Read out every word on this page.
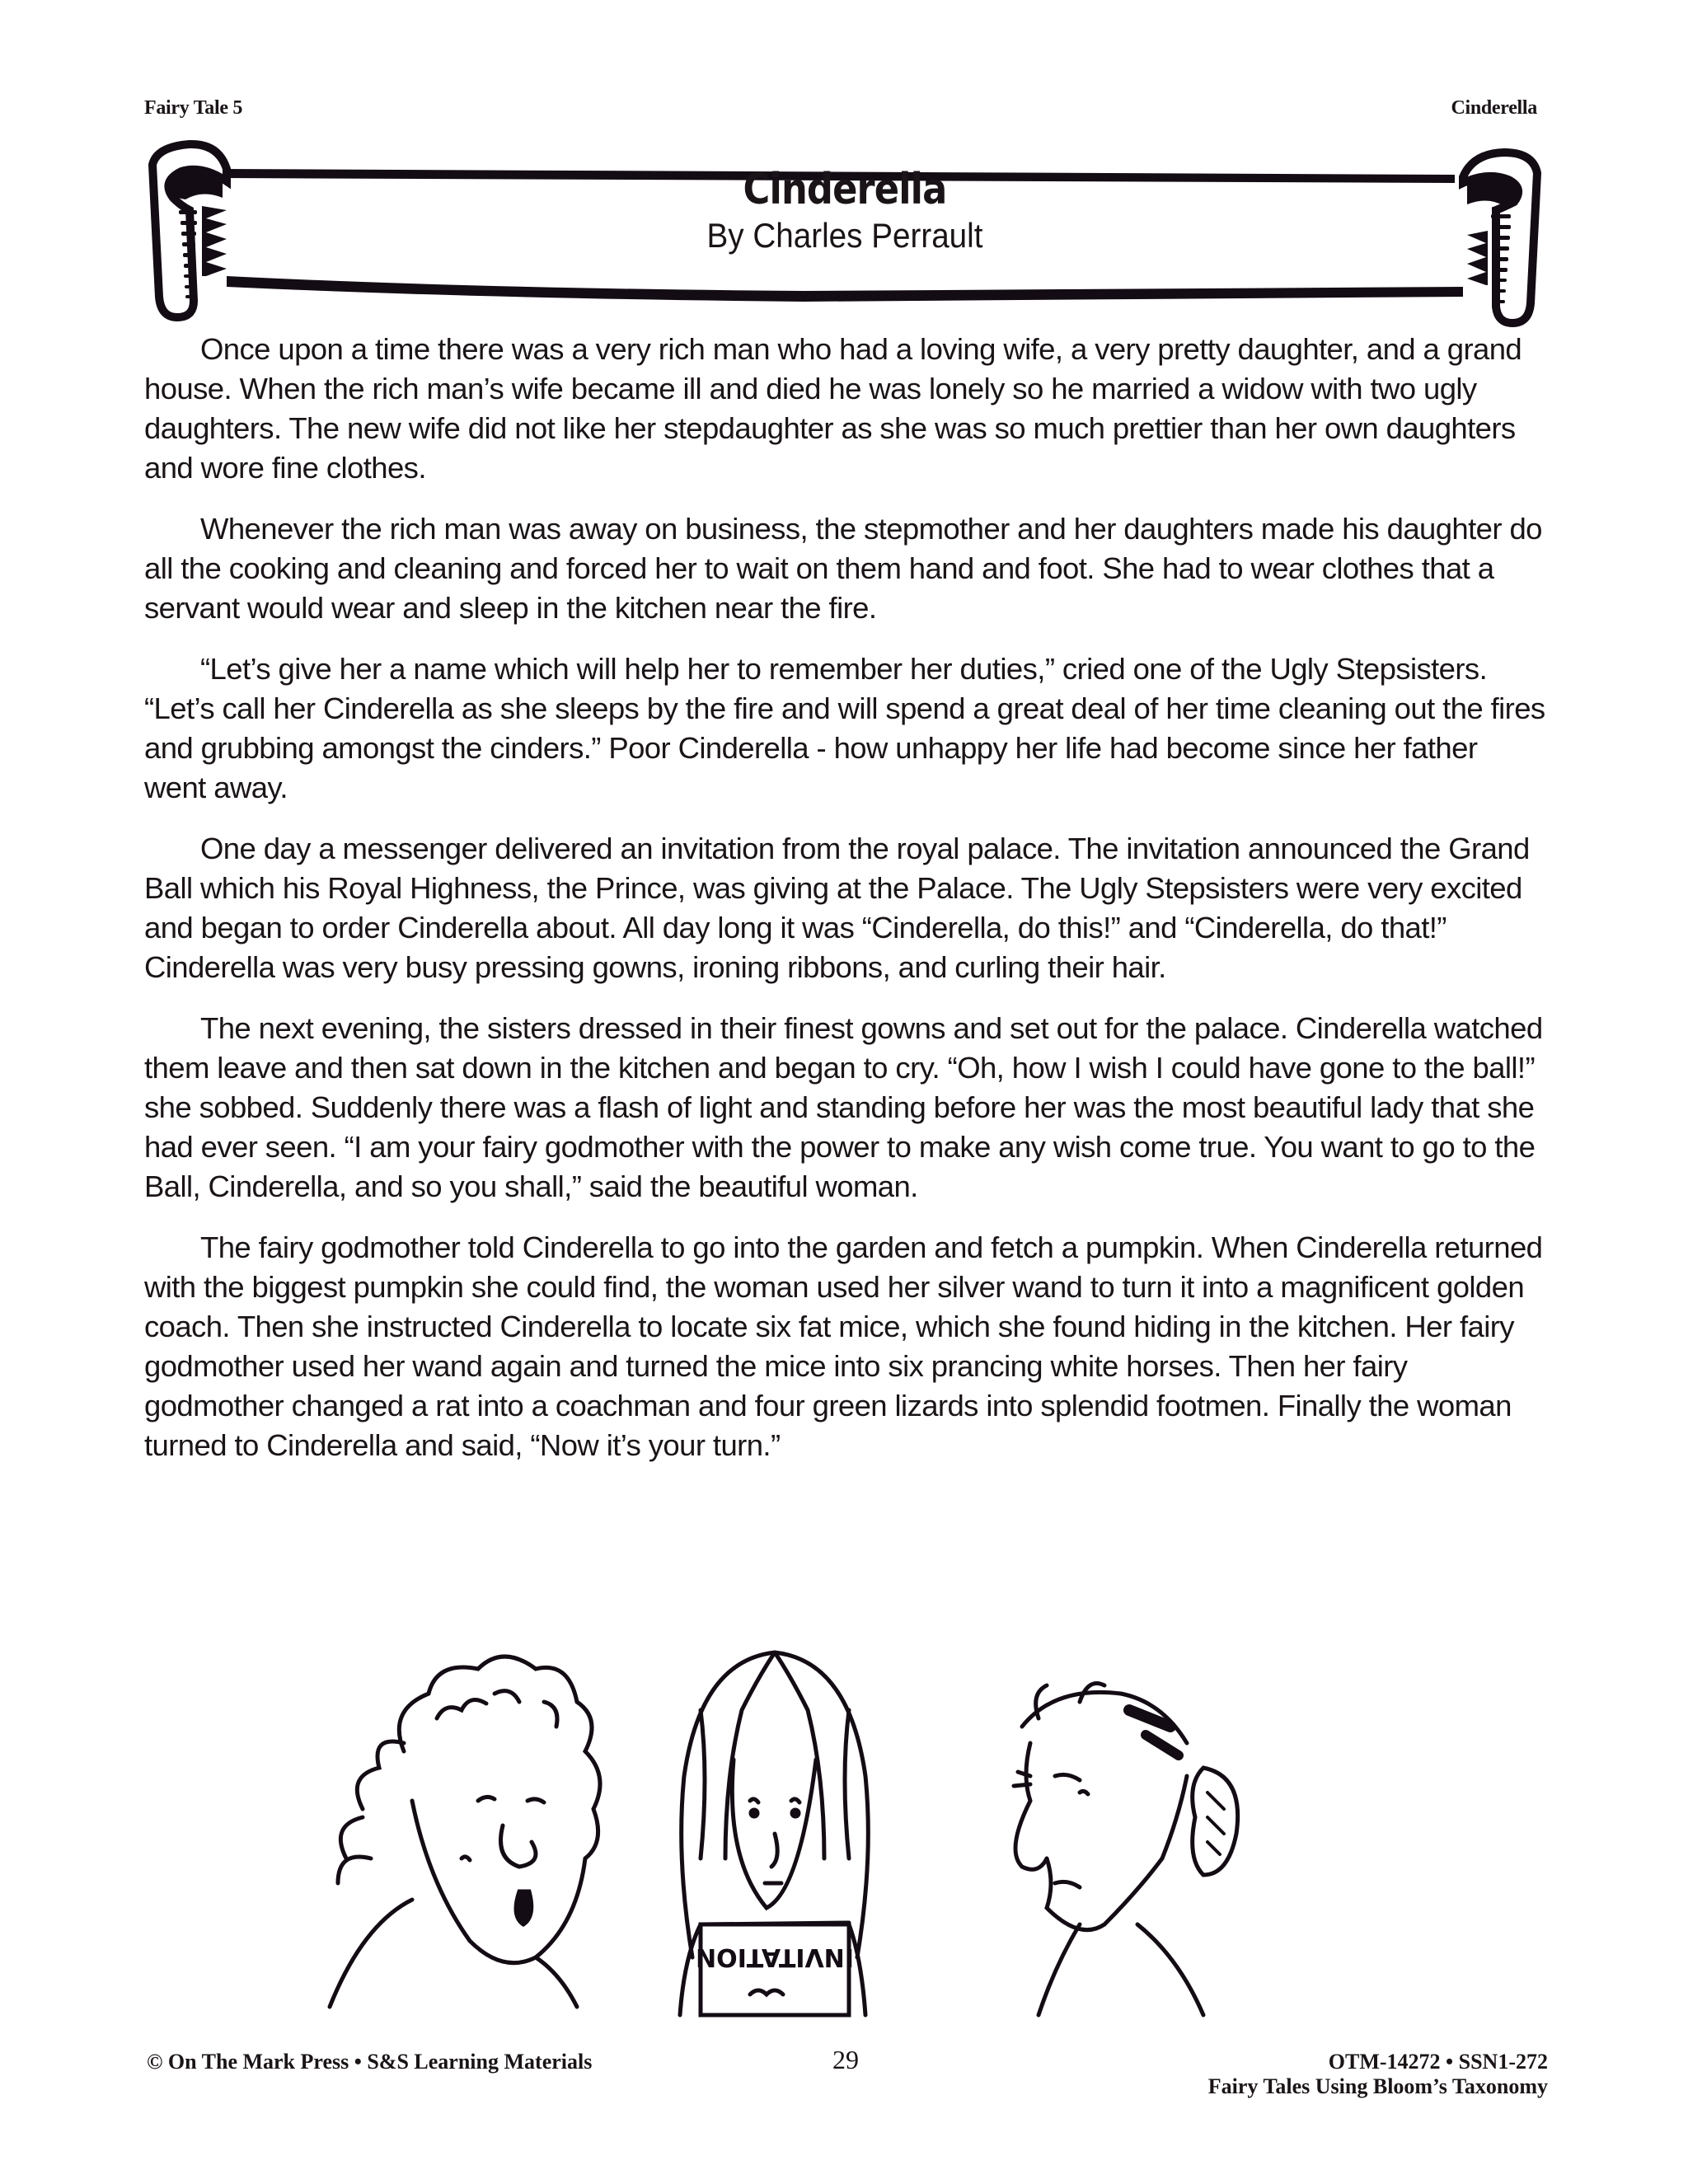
Fairy Tale 5	Cinderella
Cinderella
By Charles Perrault

Once upon a time there was a very rich man who had a loving wife, a very pretty daughter, and a grand house. When the rich man’s wife became ill and died he was lonely so he married a widow with two ugly daughters. The new wife did not like her stepdaughter as she was so much prettier than her own daughters and wore fine clothes.

Whenever the rich man was away on business, the stepmother and her daughters made his daughter do all the cooking and cleaning and forced her to wait on them hand and foot. She had to wear clothes that a servant would wear and sleep in the kitchen near the fire.

“Let’s give her a name which will help her to remember her duties,” cried one of the Ugly Stepsisters. “Let’s call her Cinderella as she sleeps by the fire and will spend a great deal of her time cleaning out the fires and grubbing amongst the cinders.” Poor Cinderella - how unhappy her life had become since her father went away.

One day a messenger delivered an invitation from the royal palace. The invitation announced the Grand Ball which his Royal Highness, the Prince, was giving at the Palace. The Ugly Stepsisters were very excited and began to order Cinderella about. All day long it was “Cinderella, do this!” and “Cinderella, do that!” Cinderella was very busy pressing gowns, ironing ribbons, and curling their hair.

The next evening, the sisters dressed in their finest gowns and set out for the palace. Cinderella watched them leave and then sat down in the kitchen and began to cry. “Oh, how I wish I could have gone to the ball!” she sobbed. Suddenly there was a flash of light and standing before her was the most beautiful lady that she had ever seen. “I am your fairy godmother with the power to make any wish come true. You want to go to the Ball, Cinderella, and so you shall,” said the beautiful woman.

The fairy godmother told Cinderella to go into the garden and fetch a pumpkin. When Cinderella returned with the biggest pumpkin she could find, the woman used her silver wand to turn it into a magnificent golden coach. Then she instructed Cinderella to locate six fat mice, which she found hiding in the kitchen. Her fairy godmother used her wand again and turned the mice into six prancing white horses. Then her fairy godmother changed a rat into a coachman and four green lizards into splendid footmen. Finally the woman turned to Cinderella and said, “Now it’s your turn.”

INVITATION
© On The Mark Press • S&S Learning Materials	29	OTM-14272 • SSN1-272
Fairy Tales Using Bloom’s Taxonomy
